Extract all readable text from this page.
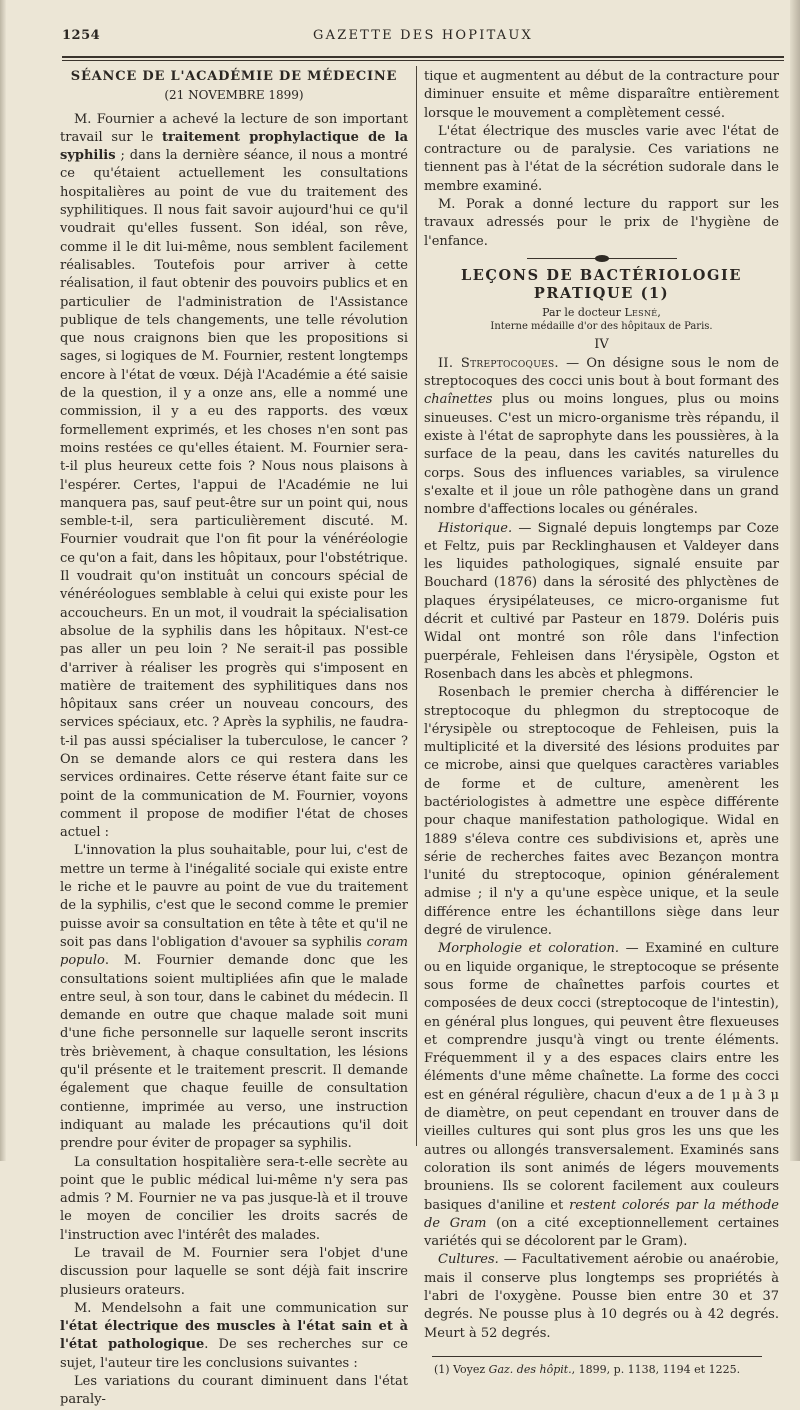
1254	GAZETTE DES HOPITAUX

SÉANCE DE L'ACADÉMIE DE MÉDECINE

(21 NOVEMBRE 1899)

M. Fournier a achevé la lecture de son important travail sur le traitement prophylactique de la syphilis ; dans la dernière séance, il nous a montré ce qu'étaient actuellement les consultations hospitalières au point de vue du traitement des syphilitiques. Il nous fait savoir aujourd'hui ce qu'il voudrait qu'elles fussent. Son idéal, son rêve, comme il le dit lui-même, nous semblent facilement réalisables. Toutefois pour arriver à cette réalisation, il faut obtenir des pouvoirs publics et en particulier de l'administration de l'Assistance publique de tels changements, une telle révolution que nous craignons bien que les propositions si sages, si logiques de M. Fournier, restent longtemps encore à l'état de vœux. Déjà l'Académie a été saisie de la question, il y a onze ans, elle a nommé une commission, il y a eu des rapports. des vœux formellement exprimés, et les choses n'en sont pas moins restées ce qu'elles étaient. M. Fournier sera-t-il plus heureux cette fois ? Nous nous plaisons à l'espérer. Certes, l'appui de l'Académie ne lui manquera pas, sauf peut-être sur un point qui, nous semble-t-il, sera particulièrement discuté. M. Fournier voudrait que l'on fit pour la vénéréologie ce qu'on a fait, dans les hôpitaux, pour l'obstétrique. Il voudrait qu'on instituât un concours spécial de vénéréologues semblable à celui qui existe pour les accoucheurs. En un mot, il voudrait la spécialisation absolue de la syphilis dans les hôpitaux. N'est-ce pas aller un peu loin ? Ne serait-il pas possible d'arriver à réaliser les progrès qui s'imposent en matière de traitement des syphilitiques dans nos hôpitaux sans créer un nouveau concours, des services spéciaux, etc. ? Après la syphilis, ne faudra-t-il pas aussi spécialiser la tuberculose, le cancer ? On se demande alors ce qui restera dans les services ordinaires. Cette réserve étant faite sur ce point de la communication de M. Fournier, voyons comment il propose de modifier l'état de choses actuel :

L'innovation la plus souhaitable, pour lui, c'est de mettre un terme à l'inégalité sociale qui existe entre le riche et le pauvre au point de vue du traitement de la syphilis, c'est que le second comme le premier puisse avoir sa consultation en tête à tête et qu'il ne soit pas dans l'obligation d'avouer sa syphilis coram populo. M. Fournier demande donc que les consultations soient multipliées afin que le malade entre seul, à son tour, dans le cabinet du médecin. Il demande en outre que chaque malade soit muni d'une fiche personnelle sur laquelle seront inscrits très brièvement, à chaque consultation, les lésions qu'il présente et le traitement prescrit. Il demande également que chaque feuille de consultation contienne, imprimée au verso, une instruction indiquant au malade les précautions qu'il doit prendre pour éviter de propager sa syphilis.

La consultation hospitalière sera-t-elle secrète au point que le public médical lui-même n'y sera pas admis ? M. Fournier ne va pas jusque-là et il trouve le moyen de concilier les droits sacrés de l'instruction avec l'intérêt des malades.

Le travail de M. Fournier sera l'objet d'une discussion pour laquelle se sont déjà fait inscrire plusieurs orateurs.

M. Mendelsohn a fait une communication sur l'état électrique des muscles à l'état sain et à l'état pathologique. De ses recherches sur ce sujet, l'auteur tire les conclusions suivantes :

Les variations du courant diminuent dans l'état paraly-

tique et augmentent au début de la contracture pour diminuer ensuite et même disparaître entièrement lorsque le mouvement a complètement cessé.

L'état électrique des muscles varie avec l'état de contracture ou de paralysie. Ces variations ne tiennent pas à l'état de la sécrétion sudorale dans le membre examiné.

M. Porak a donné lecture du rapport sur les travaux adressés pour le prix de l'hygiène de l'enfance.

LEÇONS DE BACTÉRIOLOGIE PRATIQUE (1)

Par le docteur Lesné,

Interne médaille d'or des hôpitaux de Paris.

IV

II. Streptocoques. — On désigne sous le nom de streptocoques des cocci unis bout à bout formant des chaînettes plus ou moins longues, plus ou moins sinueuses. C'est un micro-organisme très répandu, il existe à l'état de saprophyte dans les poussières, à la surface de la peau, dans les cavités naturelles du corps. Sous des influences variables, sa virulence s'exalte et il joue un rôle pathogène dans un grand nombre d'affections locales ou générales.

Historique. — Signalé depuis longtemps par Coze et Feltz, puis par Recklinghausen et Valdeyer dans les liquides pathologiques, signalé ensuite par Bouchard (1876) dans la sérosité des phlyctènes de plaques érysipélateuses, ce micro-organisme fut décrit et cultivé par Pasteur en 1879. Doléris puis Widal ont montré son rôle dans l'infection puerpérale, Fehleisen dans l'érysipèle, Ogston et Rosenbach dans les abcès et phlegmons.

Rosenbach le premier chercha à différencier le streptocoque du phlegmon du streptocoque de l'érysipèle ou streptocoque de Fehleisen, puis la multiplicité et la diversité des lésions produites par ce microbe, ainsi que quelques caractères variables de forme et de culture, amenèrent les bactériologistes à admettre une espèce différente pour chaque manifestation pathologique. Widal en 1889 s'éleva contre ces subdivisions et, après une série de recherches faites avec Bezançon montra l'unité du streptocoque, opinion généralement admise ; il n'y a qu'une espèce unique, et la seule différence entre les échantillons siège dans leur degré de virulence.

Morphologie et coloration. — Examiné en culture ou en liquide organique, le streptocoque se présente sous forme de chaînettes parfois courtes et composées de deux cocci (streptocoque de l'intestin), en général plus longues, qui peuvent être flexueuses et comprendre jusqu'à vingt ou trente éléments. Fréquemment il y a des espaces clairs entre les éléments d'une même chaînette. La forme des cocci est en général régulière, chacun d'eux a de 1 μ à 3 μ de diamètre, on peut cependant en trouver dans de vieilles cultures qui sont plus gros les uns que les autres ou allongés transversalement. Examinés sans coloration ils sont animés de légers mouvements brouniens. Ils se colorent facilement aux couleurs basiques d'aniline et restent colorés par la méthode de Gram (on a cité exceptionnellement certaines variétés qui se décolorent par le Gram).

Cultures. — Facultativement aérobie ou anaérobie, mais il conserve plus longtemps ses propriétés à l'abri de l'oxygène. Pousse bien entre 30 et 37 degrés. Ne pousse plus à 10 degrés ou à 42 degrés. Meurt à 52 degrés.

(1) Voyez Gaz. des hôpit., 1899, p. 1138, 1194 et 1225.
